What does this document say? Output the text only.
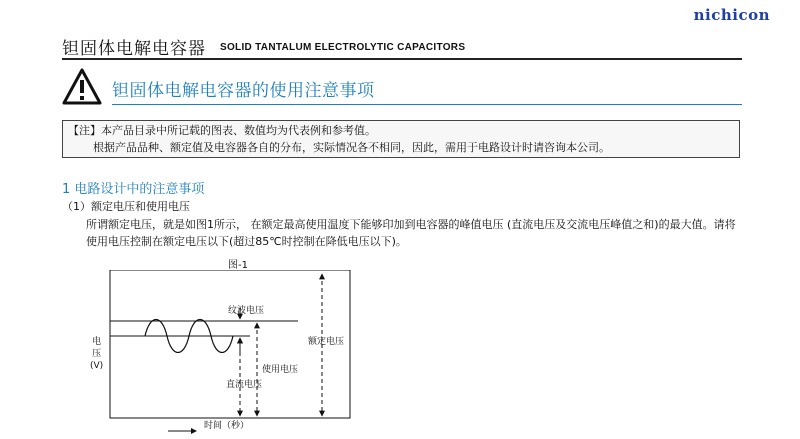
nichicon
钽固体电解电容器 SOLID TANTALUM ELECTROLYTIC CAPACITORS
钽固体电解电容器的使用注意事项
【注】本产品目录中所记载的图表、数值均为代表例和参考值。
根据产品品种、额定值及电容器各自的分布，实际情况各不相同，因此，需用于电路设计时请咨询本公司。
1 电路设计中的注意事项
（1）额定电压和使用电压
所谓额定电压，就是如图1所示， 在额定最高使用温度下能够印加到电容器的峰值电压 (直流电压及交流电压峰值之和)的最大值。请将使用电压控制在额定电压以下(超过85℃时控制在降低电压以下)。
图-1
纹波电压
额定电压
使用电压
直流电压
电
压
(V)
时间（秒）
